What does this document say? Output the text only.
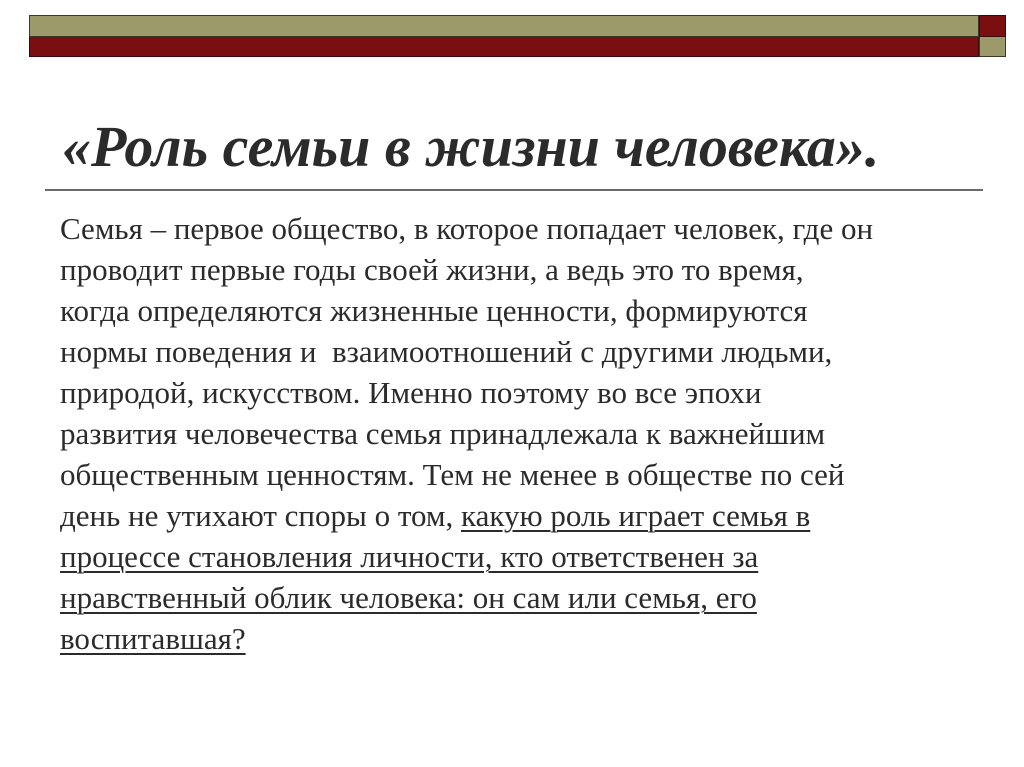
«Роль семьи в жизни человека».
Семья – первое общество, в которое попадает человек, где он
проводит первые годы своей жизни, а ведь это то время,
когда определяются жизненные ценности, формируются
нормы поведения и  взаимоотношений с другими людьми,
природой, искусством. Именно поэтому во все эпохи
развития человечества семья принадлежала к важнейшим
общественным ценностям. Тем не менее в обществе по сей
день не утихают споры о том, какую роль играет семья в
процессе становления личности, кто ответственен за
нравственный облик человека: он сам или семья, его
воспитавшая?
